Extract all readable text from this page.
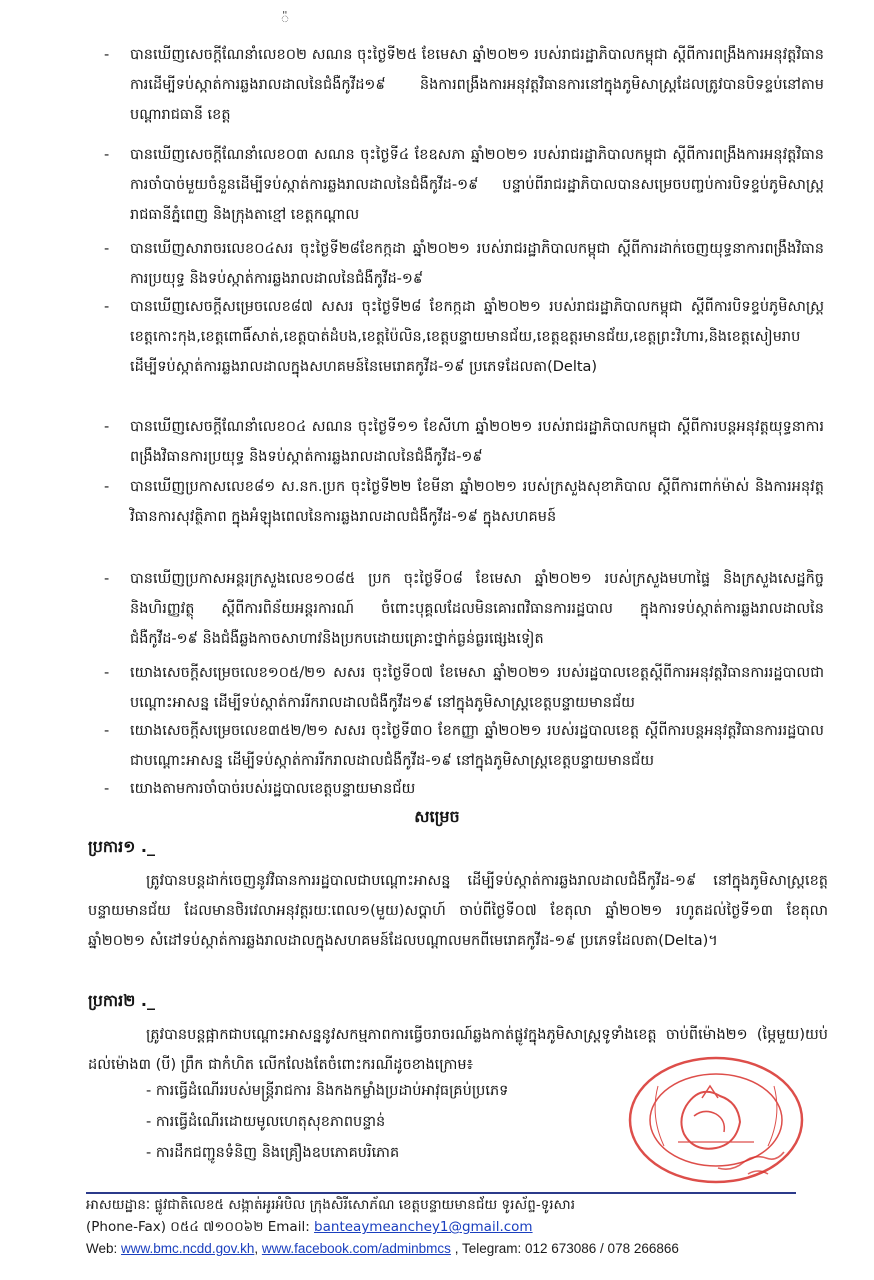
៉
- បានឃើញសេចក្តីណែនាំលេខ០២ សណន ចុះថ្ងៃទី២៥ ខែមេសា ឆ្នាំ២០២១ របស់រាជរដ្ឋាភិបាលកម្ពុជា ស្តីពីការពង្រឹងការអនុវត្តវិធានការដើម្បីទប់ស្កាត់ការឆ្លងរាលដាលនៃជំងឺកូវីដ១៩ និងការពង្រឹងការអនុវត្តវិធានការនៅក្នុងភូមិសាស្ត្រដែលត្រូវបានបិទខ្ទប់នៅតាមបណ្តារាជធានី ខេត្ត
- បានឃើញសេចក្តីណែនាំលេខ០៣ សណន ចុះថ្ងៃទី៤ ខែឧសភា ឆ្នាំ២០២១ របស់រាជរដ្ឋាភិបាលកម្ពុជា ស្តីពីការពង្រឹងការអនុវត្តវិធានការចាំបាច់មួយចំនួនដើម្បីទប់ស្កាត់ការឆ្លងរាលដាលនៃជំងឺកូវីដ-១៩ បន្ទាប់ពីរាជរដ្ឋាភិបាលបានសម្រេចបញ្ចប់ការបិទខ្ទប់ភូមិសាស្ត្ររាជធានីភ្នំពេញ និងក្រុងតាខ្មៅ ខេត្តកណ្តាល
- បានឃើញសារាចរលេខ០៤សរ ចុះថ្ងៃទី២៨ខែកក្កដា ឆ្នាំ២០២១ របស់រាជរដ្ឋាភិបាលកម្ពុជា ស្តីពីការដាក់ចេញយុទ្ធនាការពង្រឹងវិធានការប្រយុទ្ធ និងទប់ស្កាត់ការឆ្លងរាលដាលនៃជំងឺកូវីដ-១៩
- បានឃើញសេចក្តីសម្រេចលេខ៨៧ សសរ ចុះថ្ងៃទី២៨ ខែកក្កដា ឆ្នាំ២០២១ របស់រាជរដ្ឋាភិបាលកម្ពុជា ស្តីពីការបិទខ្ទប់ភូមិសាស្ត្រខេត្តកោះកុង,ខេត្តពោធិ៍សាត់,ខេត្តបាត់ដំបង,ខេត្តប៉ៃលិន,ខេត្តបន្ទាយមានជ័យ,ខេត្តឧត្តរមានជ័យ,ខេត្តព្រះវិហារ,និងខេត្តសៀមរាប ដើម្បីទប់ស្កាត់ការឆ្លងរាលដាលក្នុងសហគមន៍នៃមេរោគកូវីដ-១៩ ប្រភេទដែលតា(Delta)
- បានឃើញសេចក្តីណែនាំលេខ០៤ សណន ចុះថ្ងៃទី១១ ខែសីហា ឆ្នាំ២០២១ របស់រាជរដ្ឋាភិបាលកម្ពុជា ស្តីពីការបន្តអនុវត្តយុទ្ធនាការពង្រឹងវិធានការប្រយុទ្ធ និងទប់ស្កាត់ការឆ្លងរាលដាលនៃជំងឺកូវីដ-១៩
- បានឃើញប្រកាសលេខ៨១ ស.នក.ប្រក ចុះថ្ងៃទី២២ ខែមីនា ឆ្នាំ២០២១ របស់ក្រសួងសុខាភិបាល ស្តីពីការពាក់ម៉ាស់ និងការអនុវត្តវិធានការសុវត្ថិភាព ក្នុងអំឡុងពេលនៃការឆ្លងរាលដាលជំងឺកូវីដ-១៩ ក្នុងសហគមន៍
- បានឃើញប្រកាសអន្តរក្រសួងលេខ១០៨៥ ប្រក ចុះថ្ងៃទី០៨ ខែមេសា ឆ្នាំ២០២១ របស់ក្រសួងមហាផ្ទៃ និងក្រសួងសេដ្ឋកិច្ច និងហិរញ្ញវត្ថុ ស្តីពីការពិន័យអន្តរការណ៍ ចំពោះបុគ្គលដែលមិនគោរពវិធានការរដ្ឋបាល ក្នុងការទប់ស្កាត់ការឆ្លងរាលដាលនៃជំងឺកូវីដ-១៩ និងជំងឺឆ្លងកាចសាហាវនិងប្រកបដោយគ្រោះថ្នាក់ធ្ងន់ធ្ងរផ្សេងទៀត
- យោងសេចក្តីសម្រេចលេខ១០៥/២១ សសរ ចុះថ្ងៃទី០៧ ខែមេសា ឆ្នាំ២០២១ របស់រដ្ឋបាលខេត្តស្តីពីការអនុវត្តវិធានការរដ្ឋបាលជាបណ្តោះអាសន្ន ដើម្បីទប់ស្កាត់ការរីករាលដាលជំងឺកូវីដ១៩ នៅក្នុងភូមិសាស្ត្រខេត្តបន្ទាយមានជ័យ
- យោងសេចក្តីសម្រេចលេខ៣៥២/២១ សសរ ចុះថ្ងៃទី៣០ ខែកញ្ញា ឆ្នាំ២០២១ របស់រដ្ឋបាលខេត្ត ស្តីពីការបន្តអនុវត្តវិធានការរដ្ឋបាលជាបណ្តោះអាសន្ន ដើម្បីទប់ស្កាត់ការរីករាលដាលជំងឺកូវីដ-១៩ នៅក្នុងភូមិសាស្ត្រខេត្តបន្ទាយមានជ័យ
- យោងតាមការចាំបាច់របស់រដ្ឋបាលខេត្តបន្ទាយមានជ័យ
សម្រេច
ប្រការ១ ._
ត្រូវបានបន្តដាក់ចេញនូវវិធានការរដ្ឋបាលជាបណ្តោះអាសន្ន ដើម្បីទប់ស្កាត់ការឆ្លងរាលដាលជំងឺកូវីដ-១៩ នៅក្នុងភូមិសាស្ត្រខេត្តបន្ទាយមានជ័យ ដែលមានថិរវេលាអនុវត្តរយៈពេល១(មួយ)សប្តាហ៍ ចាប់ពីថ្ងៃទី០៧ ខែតុលា ឆ្នាំ២០២១ រហូតដល់ថ្ងៃទី១៣ ខែតុលា ឆ្នាំ២០២១ សំដៅទប់ស្កាត់ការឆ្លងរាលដាលក្នុងសហគមន៍ដែលបណ្តាលមកពីមេរោគកូវីដ-១៩ ប្រភេទដែលតា(Delta)។
ប្រការ២ ._
ត្រូវបានបន្តផ្អាកជាបណ្តោះអាសន្ននូវសកម្មភាពការធ្វើចរាចរណ៍ឆ្លងកាត់ផ្លូវក្នុងភូមិសាស្ត្រទូទាំងខេត្ត ចាប់ពីម៉ោង២១ (ម្ភៃមួយ)យប់ ដល់ម៉ោង៣ (បី) ព្រឹក ជាកំហិត លើកលែងតែចំពោះករណីដូចខាងក្រោម៖
- ការធ្វើដំណើររបស់មន្ត្រីរាជការ និងកងកម្លាំងប្រដាប់អាវុធគ្រប់ប្រភេទ
- ការធ្វើដំណើរដោយមូលហេតុសុខភាពបន្ទាន់
- ការដឹកជញ្ជូនទំនិញ និងគ្រឿងឧបភោគបរិភោគ
អាសយដ្ឋានៈ ផ្លូវជាតិលេខ៥ សង្កាត់អូរអំបិល ក្រុងសិរីសោភ័ណ ខេត្តបន្ទាយមានជ័យ ទូរស័ព្ទ-ទូរសារ
(Phone-Fax) ០៥៤ ៧១០០៦២ Email: banteaymeanchey1@gmail.com
Web: www.bmc.ncdd.gov.kh, www.facebook.com/adminbmcs , Telegram: 012 673086 / 078 266866
